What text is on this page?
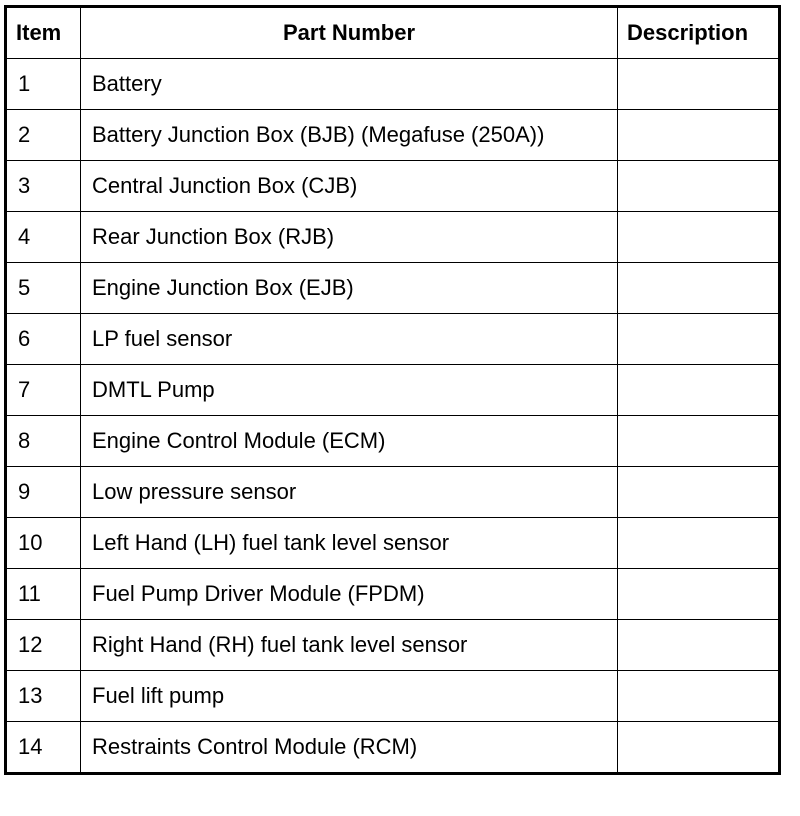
Item	Part Number	Description
1	Battery	
2	Battery Junction Box (BJB) (Megafuse (250A))	
3	Central Junction Box (CJB)	
4	Rear Junction Box (RJB)	
5	Engine Junction Box (EJB)	
6	LP fuel sensor	
7	DMTL Pump	
8	Engine Control Module (ECM)	
9	Low pressure sensor	
10	Left Hand (LH) fuel tank level sensor	
11	Fuel Pump Driver Module (FPDM)	
12	Right Hand (RH) fuel tank level sensor	
13	Fuel lift pump	
14	Restraints Control Module (RCM)	
